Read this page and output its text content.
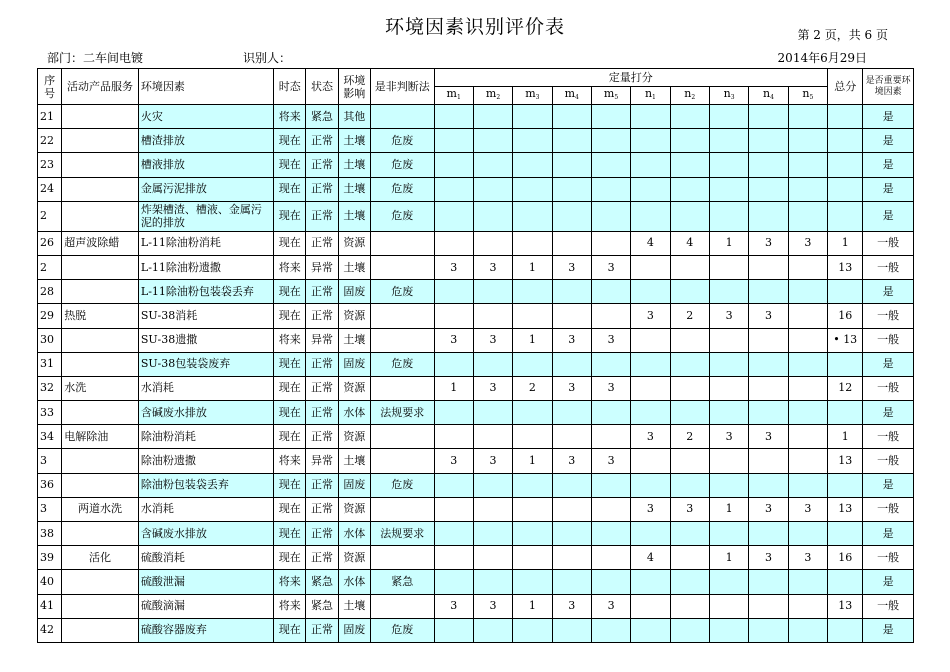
环境因素识别评价表	第 2 页，共 6 页
部门：二车间电镀	识别人：	2014年6月29日
序号	活动产品服务	环境因素	时态	状态	环境影响	是非判断法	定量打分										总分	是否重要环境因素
							$m_1$	$m_2$	$m_3$	$m_4$	$m_5$	$n_1$	$n_2$	$n_3$	$n_4$	$n_5$
21		火灾	将来	紧急	其他													是
22		槽渣排放	现在	正常	土壤	危废												是
23		槽液排放	现在	正常	土壤	危废												是
24		金属污泥排放	现在	正常	土壤	危废												是
2		炸架槽渣、槽液、金属污泥的排放	现在	正常	土壤	危废												是
26	超声波除蜡	L-11除油粉消耗	现在	正常	资源							4	4	1	3	3	1	一般
2		L-11除油粉遗撒	将来	异常	土壤		3	3	1	3	3						13	一般
28		L-11除油粉包装袋丢弃	现在	正常	固废	危废												是
29	热脱	SU-38消耗	现在	正常	资源							3	2	3	3		16	一般
30		SU-38遗撒	将来	异常	土壤		3	3	1	3	3						• 13	一般
31		SU-38包装袋废弃	现在	正常	固废	危废												是
32	水洗	水消耗	现在	正常	资源		1	3	2	3	3						12	一般
33		含碱废水排放	现在	正常	水体	法规要求												是
34	电解除油	除油粉消耗	现在	正常	资源							3	2	3	3		1	一般
3		除油粉遗撒	将来	异常	土壤		3	3	1	3	3						13	一般
36		除油粉包装袋丢弃	现在	正常	固废	危废												是
3	两道水洗	水消耗	现在	正常	资源							3	3	1	3	3	13	一般
38		含碱废水排放	现在	正常	水体	法规要求												是
39	活化	硫酸消耗	现在	正常	资源							4		1	3	3	16	一般
40		硫酸泄漏	将来	紧急	水体	紧急												是
41		硫酸滴漏	将来	紧急	土壤		3	3	1	3	3						13	一般
42		硫酸容器废弃	现在	正常	固废	危废												是
